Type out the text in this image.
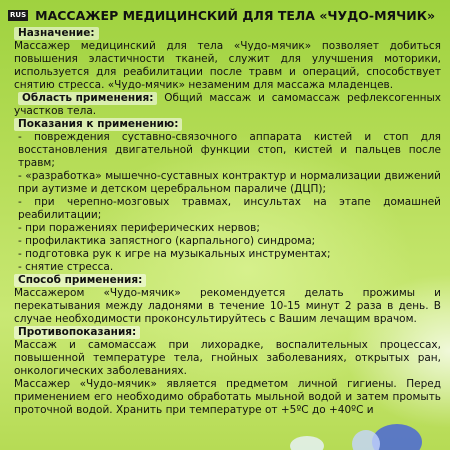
RUS МАССАЖЕР МЕДИЦИНСКИЙ ДЛЯ ТЕЛА «ЧУДО-МЯЧИК»
Назначение:

Массажер медицинский для тела «Чудо-мячик» позволяет добиться повышения эластичности тканей, служит для улучшения моторики, используется для реабилитации после травм и операций, способствует снятию стресса. «Чудо-мячик» незаменим для массажа младенцев.

Область применения: Общий массаж и самомассаж рефлексогенных участков тела.

Показания к применению:

- повреждения суставно-связочного аппарата кистей и стоп для восстановления двигательной функции стоп, кистей и пальцев после травм;

- «разработка» мышечно-суставных контрактур и нормализации движений при аутизме и детском церебральном параличе (ДЦП);

- при черепно-мозговых травмах, инсультах на этапе домашней реабилитации;

- при поражениях периферических нервов;

- профилактика запястного (карпального) синдрома;

- подготовка рук к игре на музыкальных инструментах;

- снятие стресса.

Способ применения:

Массажером «Чудо-мячик» рекомендуется делать прожимы и перекатывания между ладонями в течение 10-15 минут 2 раза в день. В случае необходимости проконсультируйтесь с Вашим лечащим врачом.

Противопоказания:

Массаж и самомассаж при лихорадке, воспалительных процессах, повышенной температуре тела, гнойных заболеваниях, открытых ран, онкологических заболеваниях.

Массажер «Чудо-мячик» является предметом личной гигиены. Перед применением его необходимо обработать мыльной водой и затем промыть проточной водой. Хранить при температуре от +5ºС до +40ºС и
